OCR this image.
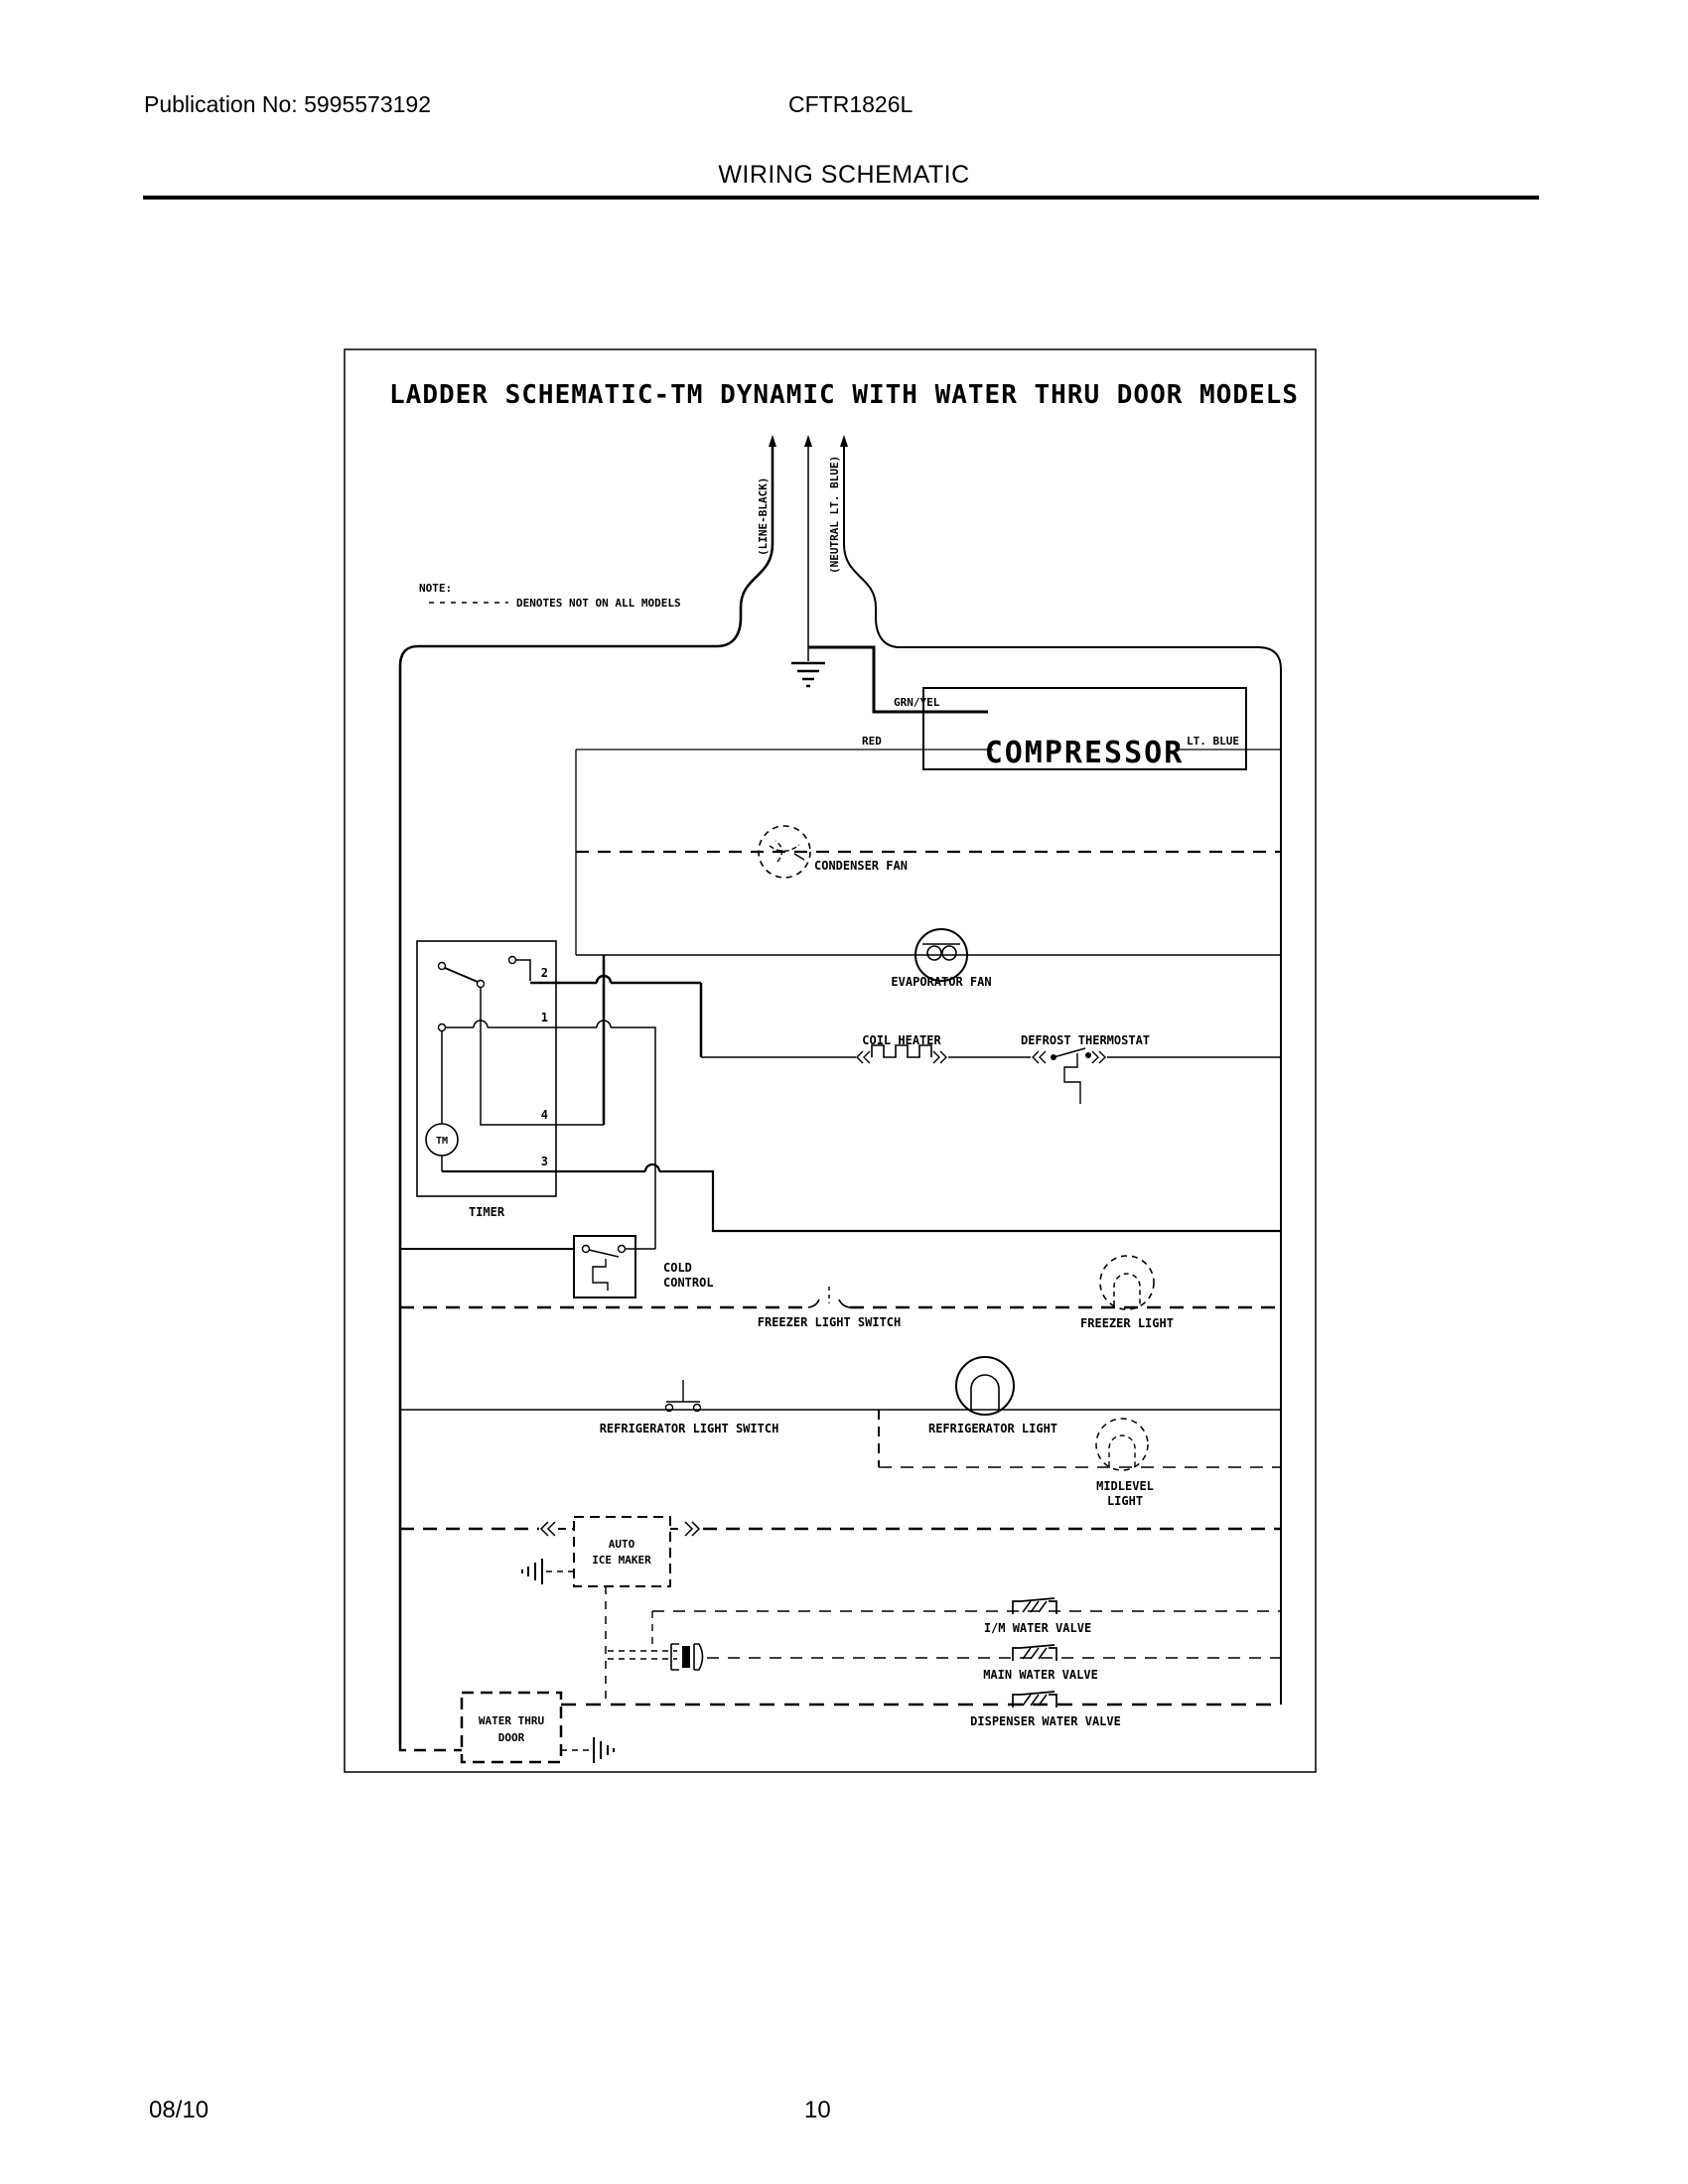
Publication No: 5995573192	CFTR1826L
WIRING SCHEMATIC
08/10	10
LADDER SCHEMATIC-TM DYNAMIC WITH WATER THRU DOOR MODELS
NOTE:
DENOTES NOT ON ALL MODELS
(LINE-BLACK)	(NEUTRAL LT. BLUE)
GRN/YEL
RED	LT. BLUE
COMPRESSOR
CONDENSER FAN
EVAPORATOR FAN
COIL HEATER	DEFROST THERMOSTAT
TM
2
1
4
3
TIMER
COLD
CONTROL
FREEZER LIGHT SWITCH	FREEZER LIGHT
REFRIGERATOR LIGHT SWITCH	REFRIGERATOR LIGHT
MIDLEVEL
LIGHT
AUTO
ICE MAKER
I/M WATER VALVE
MAIN WATER VALVE
DISPENSER WATER VALVE
WATER THRU
DOOR
